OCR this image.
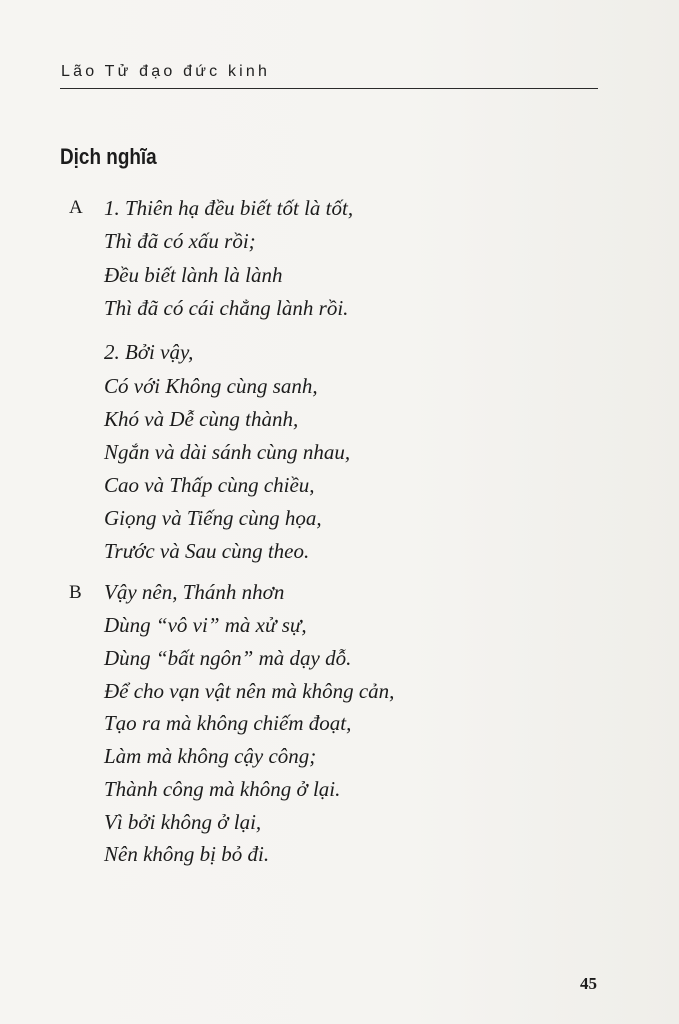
Lão Tử đạo đức kinh
Dịch nghĩa
A 1. Thiên hạ đều biết tốt là tốt,
Thì đã có xấu rồi;
Đều biết lành là lành
Thì đã có cái chẳng lành rồi.
2. Bởi vậy,
Có với Không cùng sanh,
Khó và Dễ cùng thành,
Ngắn và dài sánh cùng nhau,
Cao và Thấp cùng chiều,
Giọng và Tiếng cùng họa,
Trước và Sau cùng theo.
B Vậy nên, Thánh nhơn
Dùng “vô vi” mà xử sự,
Dùng “bất ngôn” mà dạy dỗ.
Để cho vạn vật nên mà không cản,
Tạo ra mà không chiếm đoạt,
Làm mà không cậy công;
Thành công mà không ở lại.
Vì bởi không ở lại,
Nên không bị bỏ đi.
45
